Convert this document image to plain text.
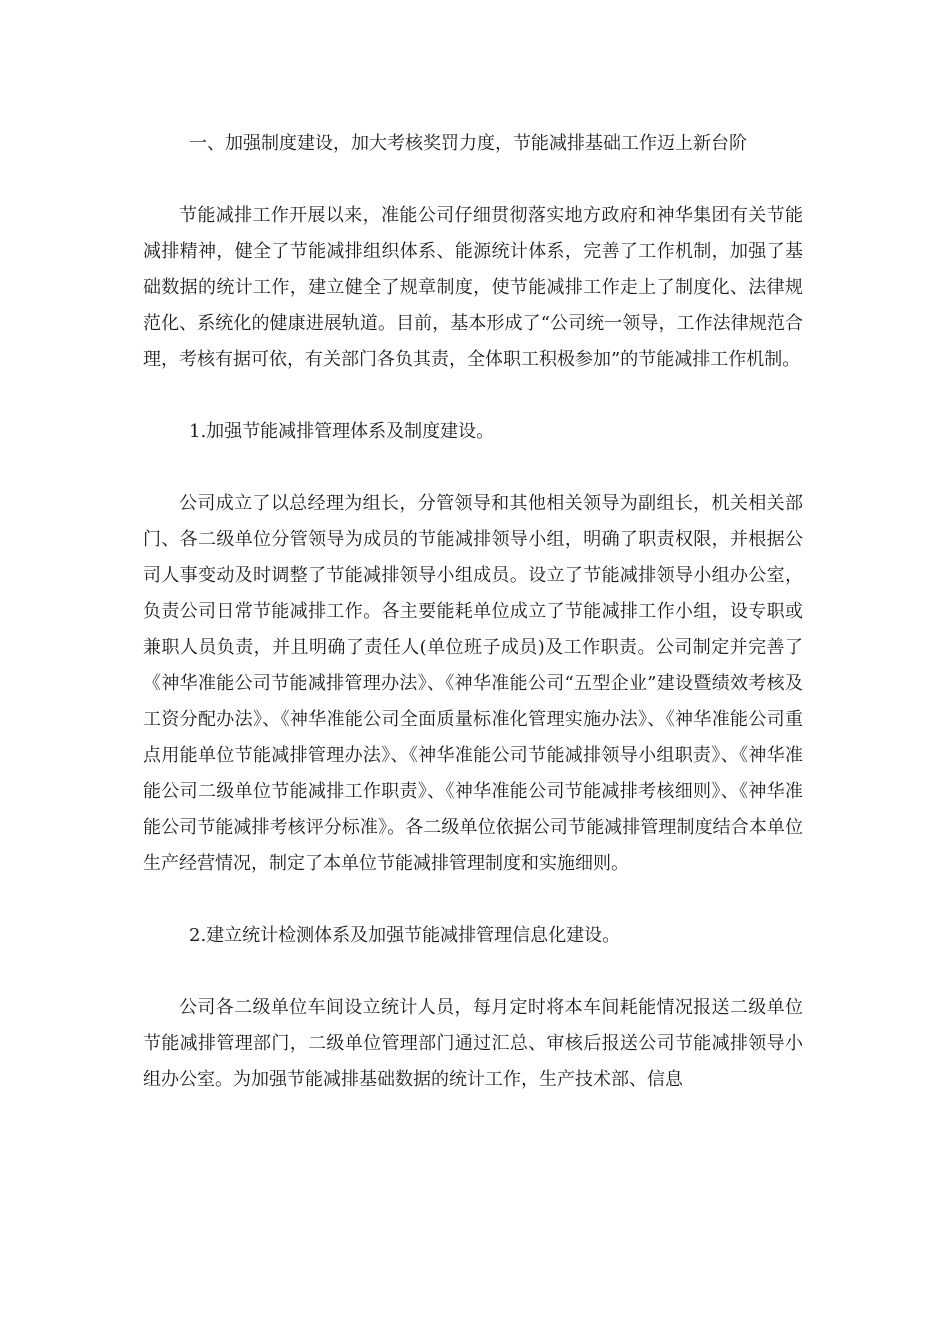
一、加强制度建设，加大考核奖罚力度，节能减排基础工作迈上新台阶

节能减排工作开展以来，准能公司仔细贯彻落实地方政府和神华集团有关节能减排精神，健全了节能减排组织体系、能源统计体系，完善了工作机制，加强了基础数据的统计工作，建立健全了规章制度，使节能减排工作走上了制度化、法律规范化、系统化的健康进展轨道。目前，基本形成了“公司统一领导，工作法律规范合理，考核有据可依，有关部门各负其责，全体职工积极参加”的节能减排工作机制。

1.加强节能减排管理体系及制度建设。

公司成立了以总经理为组长，分管领导和其他相关领导为副组长，机关相关部门、各二级单位分管领导为成员的节能减排领导小组，明确了职责权限，并根据公司人事变动及时调整了节能减排领导小组成员。设立了节能减排领导小组办公室，负责公司日常节能减排工作。各主要能耗单位成立了节能减排工作小组，设专职或兼职人员负责，并且明确了责任人(单位班子成员)及工作职责。公司制定并完善了《神华准能公司节能减排管理办法》、《神华准能公司“五型企业”建设暨绩效考核及工资分配办法》、《神华准能公司全面质量标准化管理实施办法》、《神华准能公司重点用能单位节能减排管理办法》、《神华准能公司节能减排领导小组职责》、《神华准能公司二级单位节能减排工作职责》、《神华准能公司节能减排考核细则》、《神华准能公司节能减排考核评分标准》。各二级单位依据公司节能减排管理制度结合本单位生产经营情况，制定了本单位节能减排管理制度和实施细则。

2.建立统计检测体系及加强节能减排管理信息化建设。

公司各二级单位车间设立统计人员，每月定时将本车间耗能情况报送二级单位节能减排管理部门，二级单位管理部门通过汇总、审核后报送公司节能减排领导小组办公室。为加强节能减排基础数据的统计工作，生产技术部、信息
